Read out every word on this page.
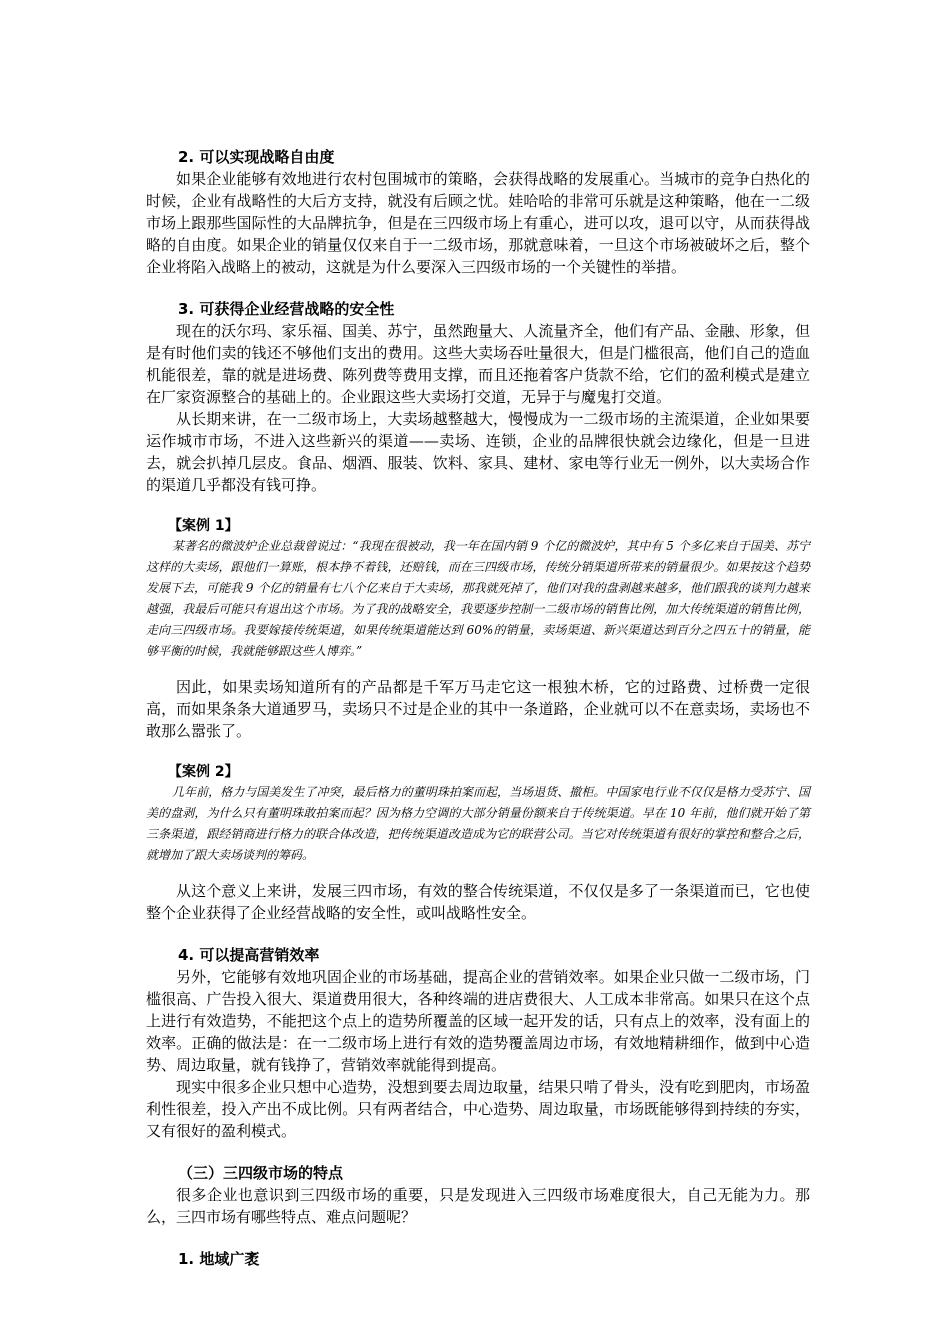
2. 可以实现战略自由度

如果企业能够有效地进行农村包围城市的策略，会获得战略的发展重心。当城市的竞争白热化的时候，企业有战略性的大后方支持，就没有后顾之忧。娃哈哈的非常可乐就是这种策略，他在一二级市场上跟那些国际性的大品牌抗争，但是在三四级市场上有重心，进可以攻，退可以守，从而获得战略的自由度。如果企业的销量仅仅来自于一二级市场，那就意味着，一旦这个市场被破坏之后，整个企业将陷入战略上的被动，这就是为什么要深入三四级市场的一个关键性的举措。

3. 可获得企业经营战略的安全性

现在的沃尔玛、家乐福、国美、苏宁，虽然跑量大、人流量齐全，他们有产品、金融、形象，但是有时他们卖的钱还不够他们支出的费用。这些大卖场吞吐量很大，但是门槛很高，他们自己的造血机能很差，靠的就是进场费、陈列费等费用支撑，而且还拖着客户货款不给，它们的盈利模式是建立在厂家资源整合的基础上的。企业跟这些大卖场打交道，无异于与魔鬼打交道。

从长期来讲，在一二级市场上，大卖场越整越大，慢慢成为一二级市场的主流渠道，企业如果要运作城市市场，不进入这些新兴的渠道——卖场、连锁，企业的品牌很快就会边缘化，但是一旦进去，就会扒掉几层皮。食品、烟酒、服装、饮料、家具、建材、家电等行业无一例外，以大卖场合作的渠道几乎都没有钱可挣。

【案例 1】

某著名的微波炉企业总裁曾说过：“我现在很被动，我一年在国内销 9 个亿的微波炉，其中有 5 个多亿来自于国美、苏宁这样的大卖场，跟他们一算账，根本挣不着钱，还赔钱，而在三四级市场，传统分销渠道所带来的销量很少。如果按这个趋势发展下去，可能我 9 个亿的销量有七八个亿来自于大卖场，那我就死掉了，他们对我的盘剥越来越多，他们跟我的谈判力越来越强，我最后可能只有退出这个市场。为了我的战略安全，我要逐步控制一二级市场的销售比例，加大传统渠道的销售比例，走向三四级市场。我要嫁接传统渠道，如果传统渠道能达到 60%的销量，卖场渠道、新兴渠道达到百分之四五十的销量，能够平衡的时候，我就能够跟这些人博弈。”

因此，如果卖场知道所有的产品都是千军万马走它这一根独木桥，它的过路费、过桥费一定很高，而如果条条大道通罗马，卖场只不过是企业的其中一条道路，企业就可以不在意卖场，卖场也不敢那么嚣张了。

【案例 2】

几年前，格力与国美发生了冲突，最后格力的董明珠拍案而起，当场退货、撤柜。中国家电行业不仅仅是格力受苏宁、国美的盘剥，为什么只有董明珠敢拍案而起？因为格力空调的大部分销量份额来自于传统渠道。早在 10 年前，他们就开始了第三条渠道，跟经销商进行格力的联合体改造，把传统渠道改造成为它的联营公司。当它对传统渠道有很好的掌控和整合之后，就增加了跟大卖场谈判的筹码。

从这个意义上来讲，发展三四市场，有效的整合传统渠道，不仅仅是多了一条渠道而已，它也使整个企业获得了企业经营战略的安全性，或叫战略性安全。

4. 可以提高营销效率

另外，它能够有效地巩固企业的市场基础，提高企业的营销效率。如果企业只做一二级市场，门槛很高、广告投入很大、渠道费用很大，各种终端的进店费很大、人工成本非常高。如果只在这个点上进行有效造势，不能把这个点上的造势所覆盖的区域一起开发的话，只有点上的效率，没有面上的效率。正确的做法是：在一二级市场上进行有效的造势覆盖周边市场，有效地精耕细作，做到中心造势、周边取量，就有钱挣了，营销效率就能得到提高。

现实中很多企业只想中心造势，没想到要去周边取量，结果只啃了骨头，没有吃到肥肉，市场盈利性很差，投入产出不成比例。只有两者结合，中心造势、周边取量，市场既能够得到持续的夯实，又有很好的盈利模式。

（三）三四级市场的特点

很多企业也意识到三四级市场的重要，只是发现进入三四级市场难度很大，自己无能为力。那么，三四市场有哪些特点、难点问题呢？

1. 地域广袤
